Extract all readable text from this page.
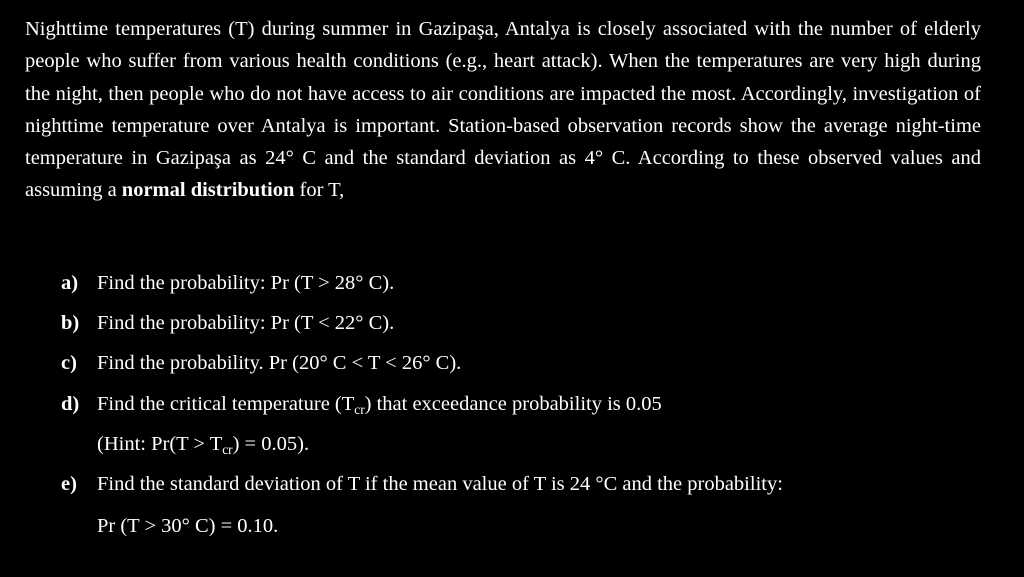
Nighttime temperatures (T) during summer in Gazipaşa, Antalya is closely associated with the number of elderly people who suffer from various health conditions (e.g., heart attack). When the temperatures are very high during the night, then people who do not have access to air conditions are impacted the most. Accordingly, investigation of nighttime temperature over Antalya is important. Station-based observation records show the average night-time temperature in Gazipaşa as 24° C and the standard deviation as 4° C. According to these observed values and assuming a normal distribution for T,

a) Find the probability: Pr (T > 28° C).
b) Find the probability: Pr (T < 22° C).
c) Find the probability. Pr (20° C < T < 26° C).
d) Find the critical temperature $(T_{cr})$ that exceedance probability is 0.05
(Hint: $Pr(T > T_{cr}) = 0.05$).
e) Find the standard deviation of T if the mean value of T is 24 °C and the probability:
Pr (T > 30° C) = 0.10.
